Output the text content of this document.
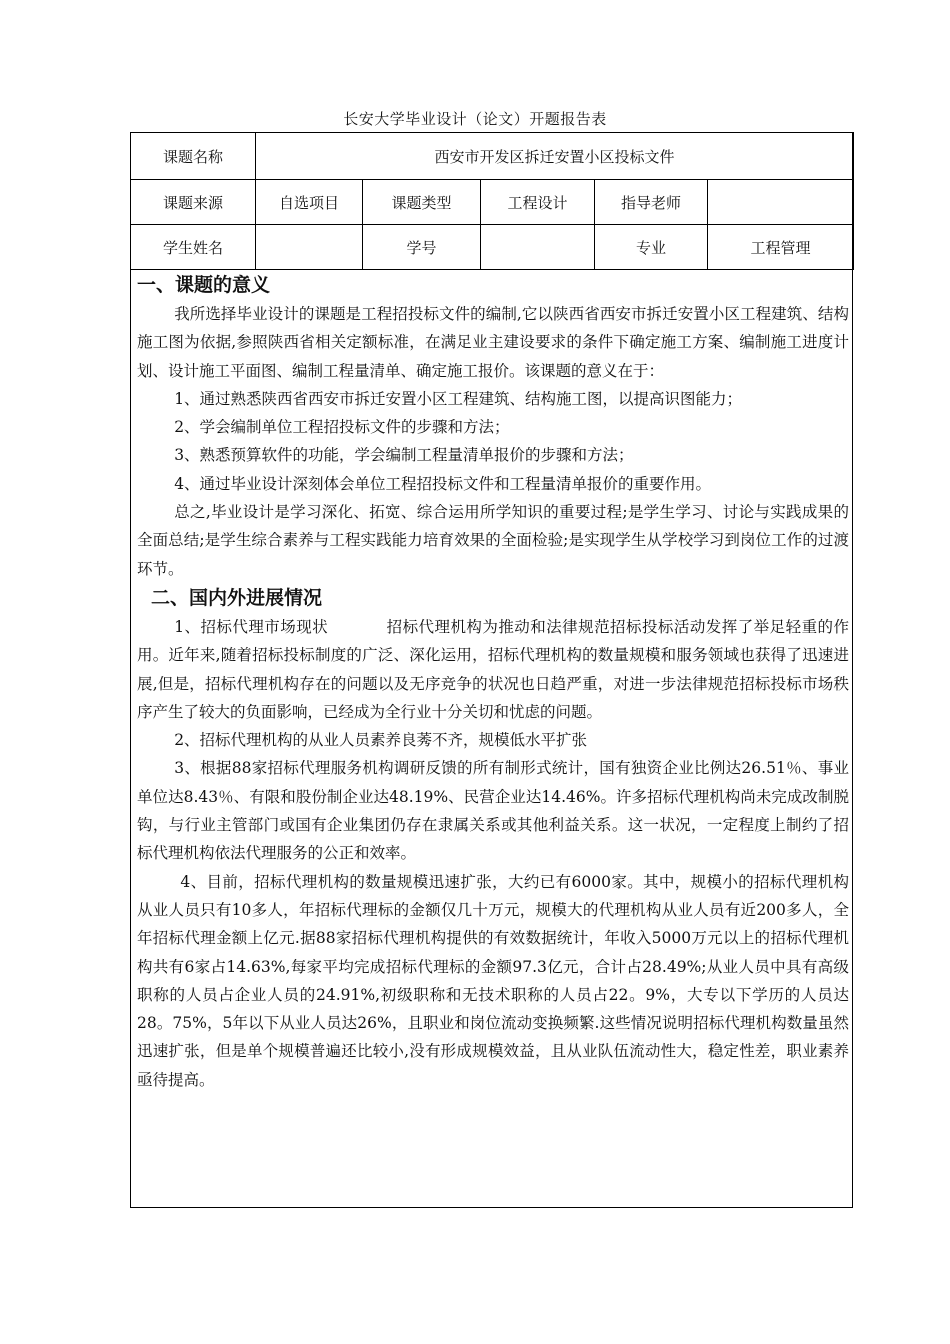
长安大学毕业设计（论文）开题报告表
课题名称	西安市开发区拆迁安置小区投标文件				
课题来源	自选项目	课题类型	工程设计	指导老师	
学生姓名		学号		专业	工程管理

一、课题的意义

我所选择毕业设计的课题是工程招投标文件的编制,它以陕西省西安市拆迁安置小区工程建筑、结构施工图为依据,参照陕西省相关定额标准，在满足业主建设要求的条件下确定施工方案、编制施工进度计划、设计施工平面图、编制工程量清单、确定施工报价。该课题的意义在于：

1、通过熟悉陕西省西安市拆迁安置小区工程建筑、结构施工图，以提高识图能力；

2、学会编制单位工程招投标文件的步骤和方法；

3、熟悉预算软件的功能，学会编制工程量清单报价的步骤和方法；

4、通过毕业设计深刻体会单位工程招投标文件和工程量清单报价的重要作用。

总之,毕业设计是学习深化、拓宽、综合运用所学知识的重要过程;是学生学习、讨论与实践成果的全面总结;是学生综合素养与工程实践能力培育效果的全面检验;是实现学生从学校学习到岗位工作的过渡环节。

二、国内外进展情况

1、招标代理市场现状	招标代理机构为推动和法律规范招标投标活动发挥了举足轻重的作用。近年来,随着招标投标制度的广泛、深化运用，招标代理机构的数量规模和服务领域也获得了迅速进展,但是，招标代理机构存在的问题以及无序竞争的状况也日趋严重，对进一步法律规范招标投标市场秩序产生了较大的负面影响，已经成为全行业十分关切和忧虑的问题。

2、招标代理机构的从业人员素养良莠不齐，规模低水平扩张

3、根据88家招标代理服务机构调研反馈的所有制形式统计，国有独资企业比例达26.51％、事业单位达8.43％、有限和股份制企业达48.19%、民营企业达14.46%。许多招标代理机构尚未完成改制脱钩，与行业主管部门或国有企业集团仍存在隶属关系或其他利益关系。这一状况，一定程度上制约了招标代理机构依法代理服务的公正和效率。

4、目前，招标代理机构的数量规模迅速扩张，大约已有6000家。其中，规模小的招标代理机构从业人员只有10多人，年招标代理标的金额仅几十万元，规模大的代理机构从业人员有近200多人，全年招标代理金额上亿元.据88家招标代理机构提供的有效数据统计，年收入5000万元以上的招标代理机构共有6家占14.63%,每家平均完成招标代理标的金额97.3亿元，合计占28.49%;从业人员中具有高级职称的人员占企业人员的24.91%,初级职称和无技术职称的人员占22。9%，大专以下学历的人员达28。75%，5年以下从业人员达26%，且职业和岗位流动变换频繁.这些情况说明招标代理机构数量虽然迅速扩张，但是单个规模普遍还比较小,没有形成规模效益，且从业队伍流动性大，稳定性差，职业素养亟待提高。
